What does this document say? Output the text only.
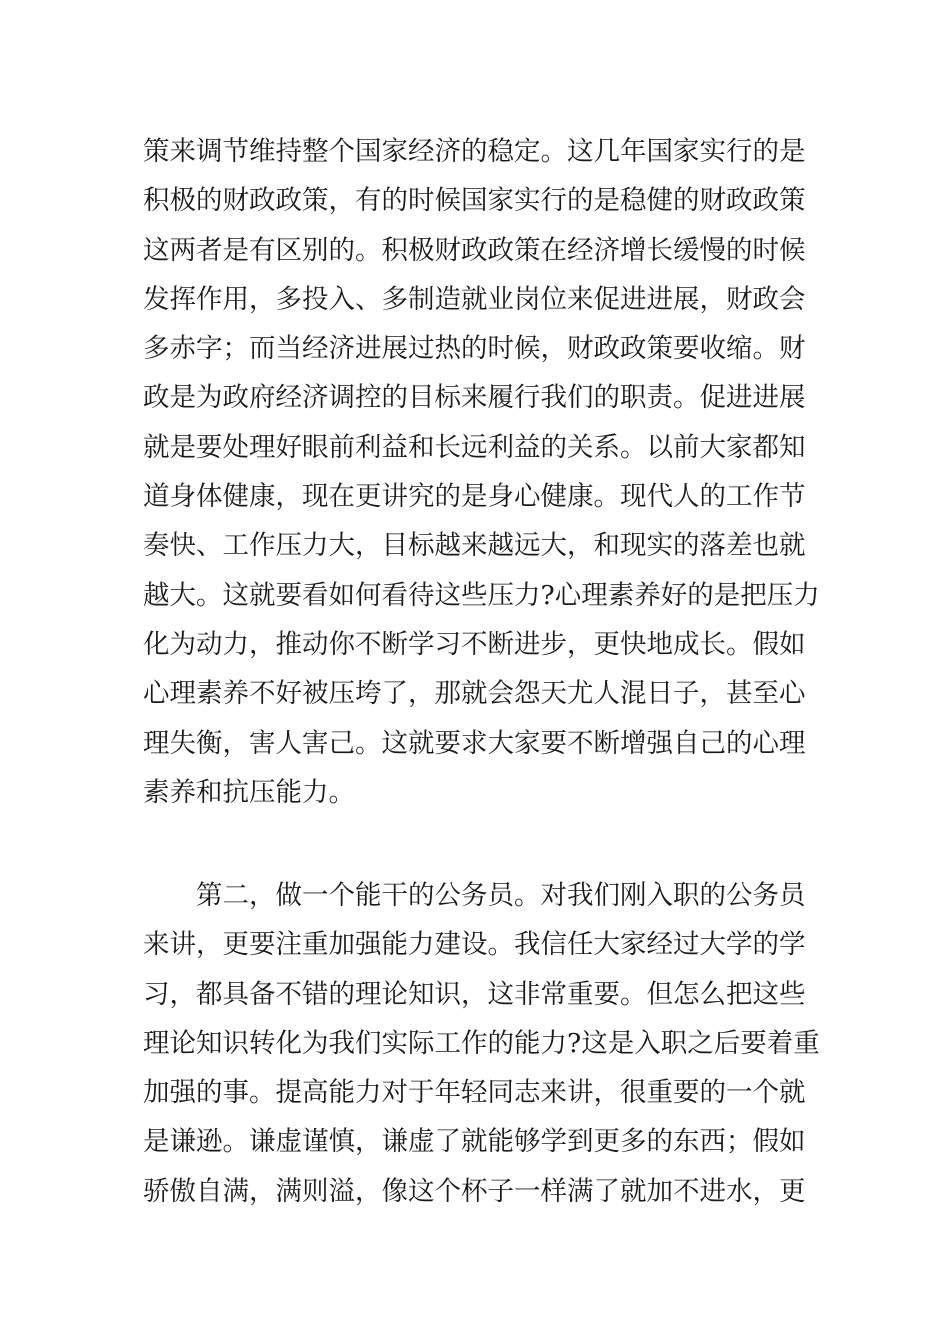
策来调节维持整个国家经济的稳定。这几年国家实行的是
积极的财政政策，有的时候国家实行的是稳健的财政政策
这两者是有区别的。积极财政政策在经济增长缓慢的时候
发挥作用，多投入、多制造就业岗位来促进进展，财政会
多赤字；而当经济进展过热的时候，财政政策要收缩。财
政是为政府经济调控的目标来履行我们的职责。促进进展
就是要处理好眼前利益和长远利益的关系。以前大家都知
道身体健康，现在更讲究的是身心健康。现代人的工作节
奏快、工作压力大，目标越来越远大，和现实的落差也就
越大。这就要看如何看待这些压力?心理素养好的是把压力
化为动力，推动你不断学习不断进步，更快地成长。假如
心理素养不好被压垮了，那就会怨天尤人混日子，甚至心
理失衡，害人害己。这就要求大家要不断增强自己的心理
素养和抗压能力。
第二，做一个能干的公务员。对我们刚入职的公务员
来讲，更要注重加强能力建设。我信任大家经过大学的学
习，都具备不错的理论知识，这非常重要。但怎么把这些
理论知识转化为我们实际工作的能力?这是入职之后要着重
加强的事。提高能力对于年轻同志来讲，很重要的一个就
是谦逊。谦虚谨慎，谦虚了就能够学到更多的东西；假如
骄傲自满，满则溢，像这个杯子一样满了就加不进水，更
